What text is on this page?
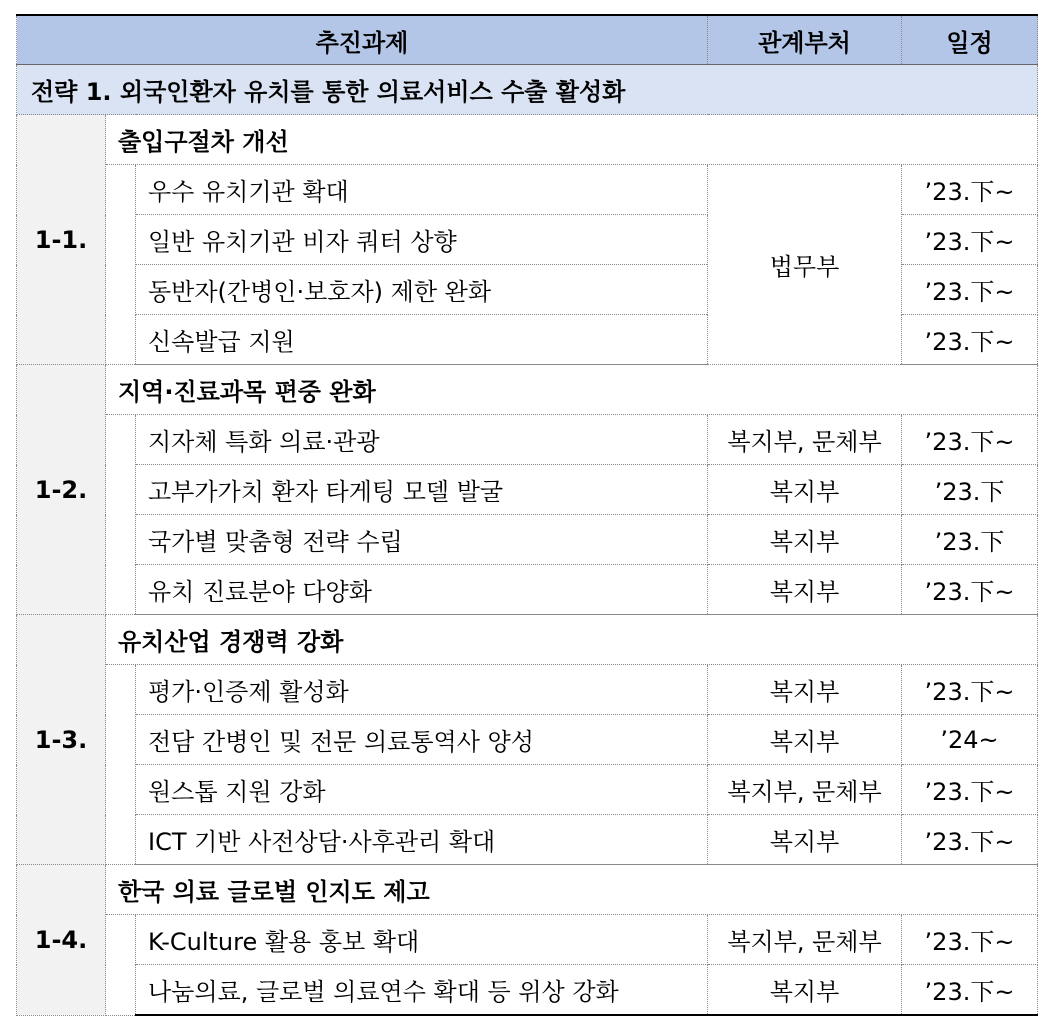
추진과제			관계부처	일정
전략 1. 외국인환자 유치를 통한 의료서비스 수출 활성화				
1-1.	출입구절차 개선			
		우수 유치기관 확대	법무부	’23.下~
		일반 유치기관 비자 쿼터 상향		’23.下~
		동반자(간병인·보호자) 제한 완화		’23.下~
		신속발급 지원		’23.下~
1-2.	지역·진료과목 편중 완화			
		지자체 특화 의료·관광	복지부, 문체부	’23.下~
		고부가가치 환자 타게팅 모델 발굴	복지부	’23.下
		국가별 맞춤형 전략 수립	복지부	’23.下
		유치 진료분야 다양화	복지부	’23.下~
1-3.	유치산업 경쟁력 강화			
		평가·인증제 활성화	복지부	’23.下~
		전담 간병인 및 전문 의료통역사 양성	복지부	’24~
		원스톱 지원 강화	복지부, 문체부	’23.下~
		ICT 기반 사전상담·사후관리 확대	복지부	’23.下~
1-4.	한국 의료 글로벌 인지도 제고			
		K-Culture 활용 홍보 확대	복지부, 문체부	’23.下~
		나눔의료, 글로벌 의료연수 확대 등 위상 강화	복지부	’23.下~
